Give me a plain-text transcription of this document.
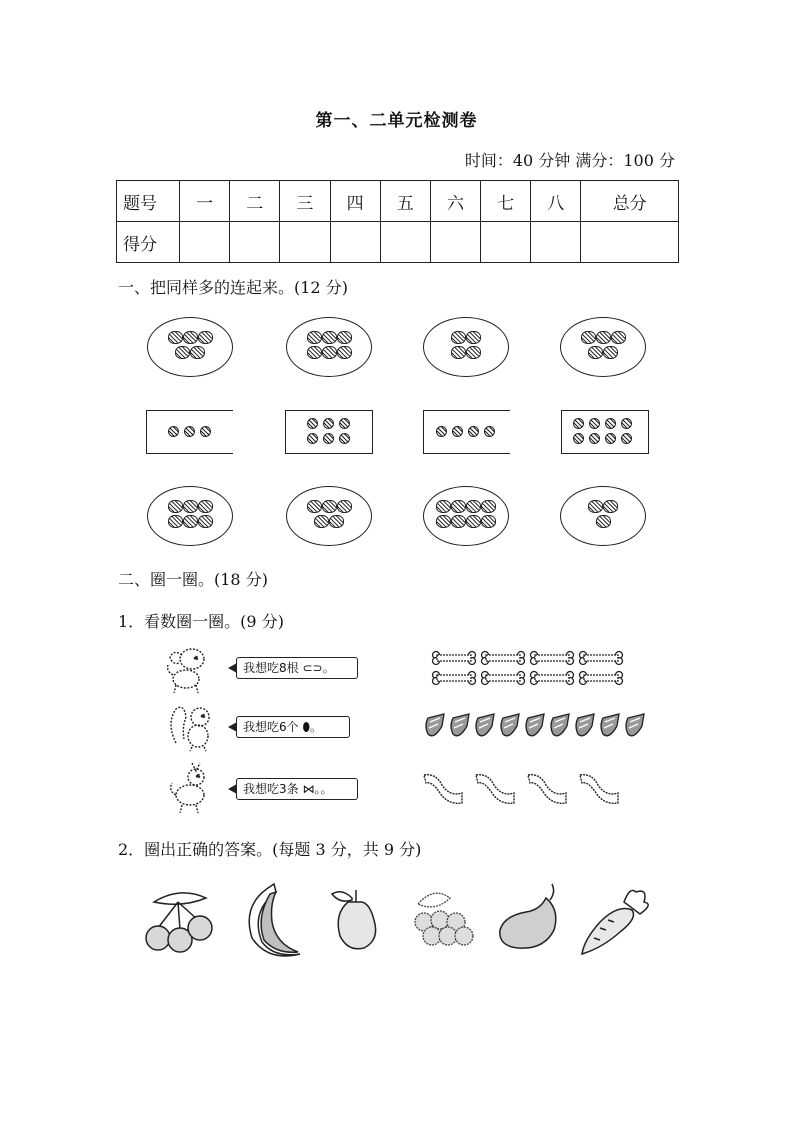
第一、二单元检测卷
时间：40 分钟 满分：100 分
题号	一	二	三	四	五	六	七	八	总分
得分									
一、把同样多的连起来。(12 分)
二、圈一圈。(18 分)
1．看数圈一圈。(9 分)
我想吃8根 ⊂⊃。
我想吃6个 ⬮。
我想吃3条 ⋈。。
2．圈出正确的答案。(每题 3 分，共 9 分)
